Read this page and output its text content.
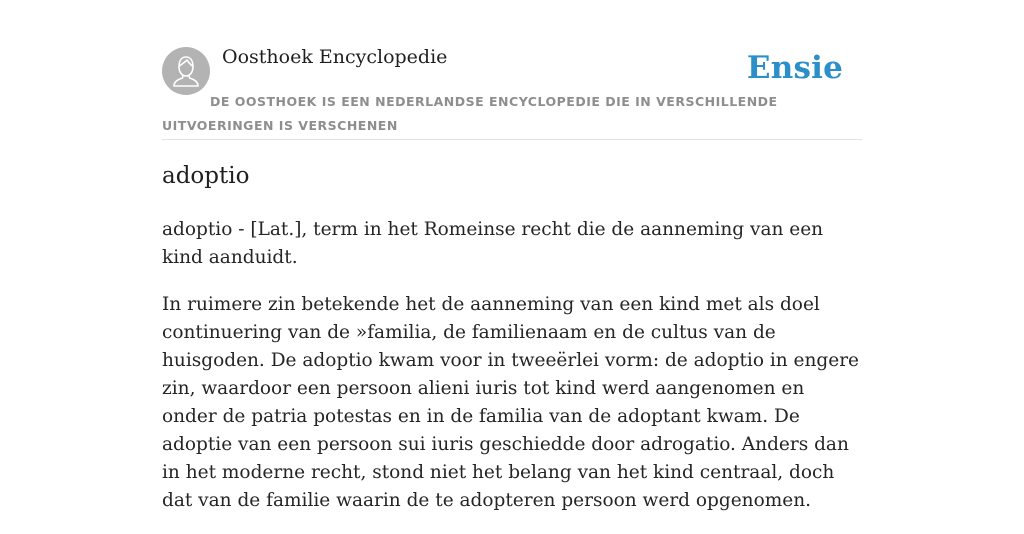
Oosthoek Encyclopedie	Ensie
DE OOSTHOEK IS EEN NEDERLANDSE ENCYCLOPEDIE DIE IN VERSCHILLENDE UITVOERINGEN IS VERSCHENEN
adoptio

adoptio - [Lat.], term in het Romeinse recht die de aanneming van een kind aanduidt.

In ruimere zin betekende het de aanneming van een kind met als doel continuering van de »familia, de familienaam en de cultus van de huisgoden. De adoptio kwam voor in tweeërlei vorm: de adoptio in engere zin, waardoor een persoon alieni iuris tot kind werd aangenomen en onder de patria potestas en in de familia van de adoptant kwam. De adoptie van een persoon sui iuris geschiedde door adrogatio. Anders dan in het moderne recht, stond niet het belang van het kind centraal, doch dat van de familie waarin de te adopteren persoon werd opgenomen.
